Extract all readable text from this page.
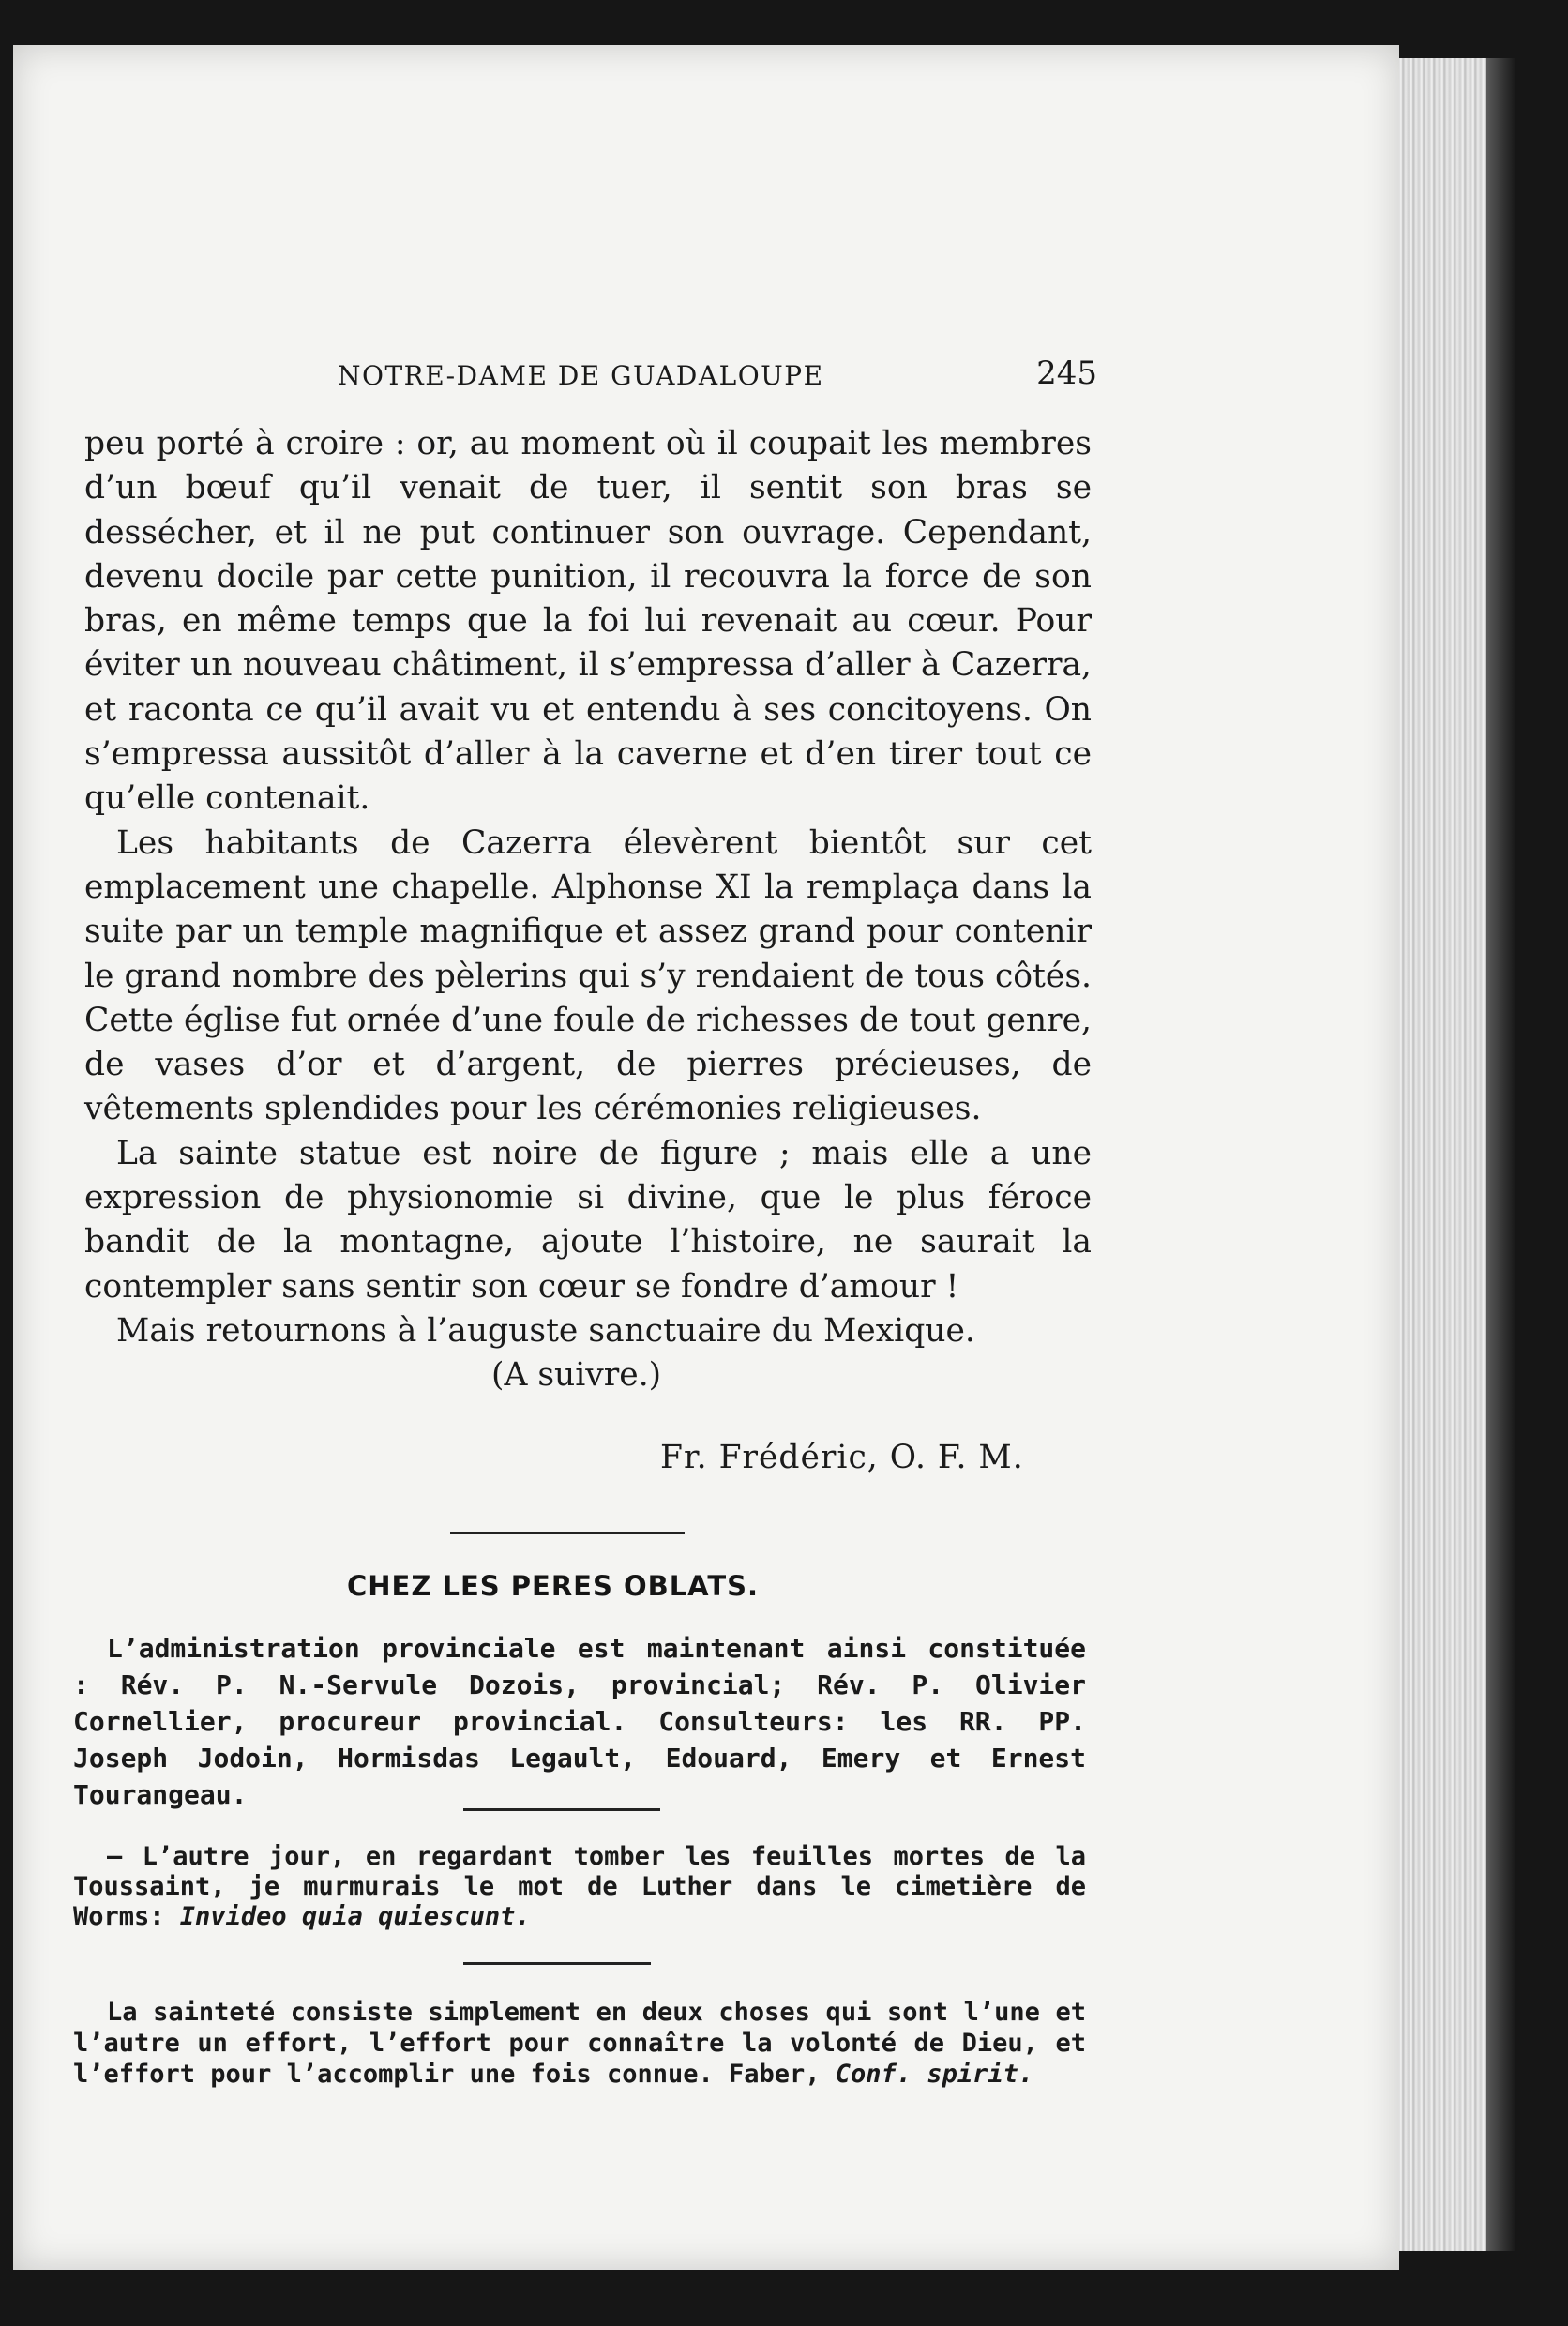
NOTRE-DAME DE GUADALOUPE	245

peu porté à croire : or, au moment où il coupait les membres d’un bœuf qu’il venait de tuer, il sentit son bras se dessécher, et il ne put continuer son ouvrage. Cependant, devenu docile par cette punition, il recouvra la force de son bras, en même temps que la foi lui revenait au cœur. Pour éviter un nouveau châtiment, il s’empressa d’aller à Cazerra, et raconta ce qu’il avait vu et entendu à ses concitoyens. On s’empressa aussitôt d’aller à la caverne et d’en tirer tout ce qu’elle contenait.

Les habitants de Cazerra élevèrent bientôt sur cet emplacement une chapelle. Alphonse XI la remplaça dans la suite par un temple magnifique et assez grand pour contenir le grand nombre des pèlerins qui s’y rendaient de tous côtés. Cette église fut ornée d’une foule de richesses de tout genre, de vases d’or et d’argent, de pierres précieuses, de vêtements splendides pour les cérémonies religieuses.

La sainte statue est noire de figure ; mais elle a une expression de physionomie si divine, que le plus féroce bandit de la montagne, ajoute l’histoire, ne saurait la contempler sans sentir son cœur se fondre d’amour !

Mais retournons à l’auguste sanctuaire du Mexique.

(A suivre.)
Fr. Frédéric, O. F. M.
CHEZ LES PERES OBLATS.

L’administration provinciale est maintenant ainsi constituée : Rév. P. N.-Servule Dozois, provincial; Rév. P. Olivier Cornellier, procureur provincial. Consulteurs: les RR. PP. Joseph Jodoin, Hormisdas Legault, Edouard, Emery et Ernest Tourangeau.

— L’autre jour, en regardant tomber les feuilles mortes de la Toussaint, je murmurais le mot de Luther dans le cimetière de Worms: Invideo quia quiescunt.

La sainteté consiste simplement en deux choses qui sont l’une et l’autre un effort, l’effort pour connaître la volonté de Dieu, et l’effort pour l’accomplir une fois connue. Faber, Conf. spirit.
